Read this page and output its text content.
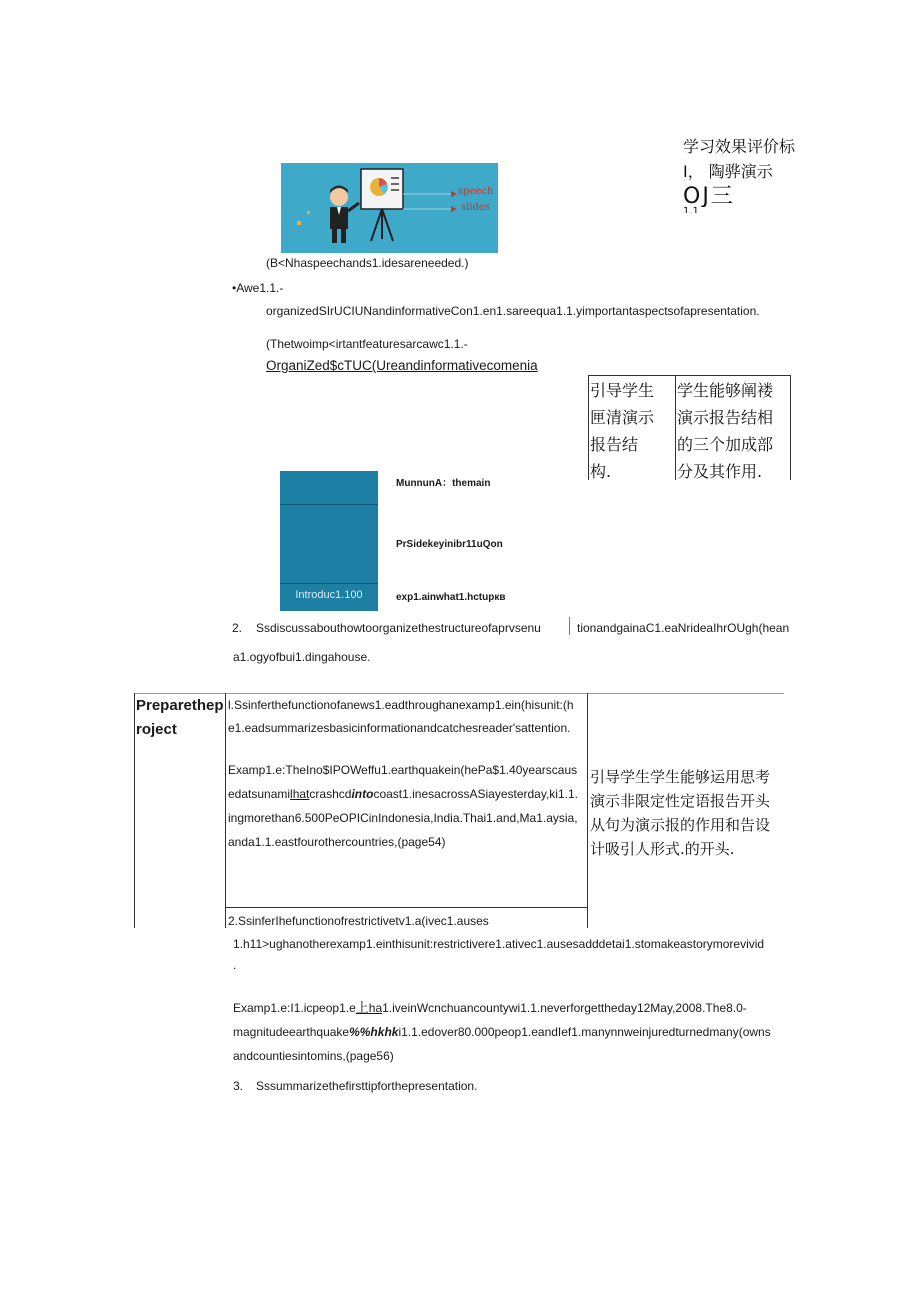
学习效果评价标
I， 陶骅演示
OJ三
1.1
speech
slides
(B<Nhaspeechands1.idesareneeded.)
•Awe1.1.-
organizedSIrUCIUNandinformativeCon1.en1.sareequa1.1.yimportantaspectsofapresentation.
(Thetwoimp<irtantfeaturesarcawc1.1.-
OrganiZed$cTUC(Ureandinformativecomenia
引导学生
匣清演示
报告结
构.
学生能够阐褛
演示报告结相
的三个加成部
分及其作用.
Introduc1.100
MunnunA：themain
PrSidekeyinibr11uQon
exp1.ainwhat1.hctupкв
2. Ssdiscussabouthowtoorganizethestructureofaprvsenu	tionandgainaC1.eaNrideaIhrOUgh(hean
a1.ogyofbui1.dingahouse.
Preparethep roject
l.Ssinferthefunctionofanews1.eadthroughanexamp1.ein(hisunit:(h
e1.eadsummarizesbasicinformationandcatchesreader'sattention.
Examp1.e:TheIno$IPOWeffu1.earthquakein(hePa$1.40yearscaus
edatsunamilhatcrashcdintocoast1.inesacrossASiayesterday,ki1.1.
ingmorethan6.500PeOPICinIndonesia,India.Thai1.and,Ma1.aysia,
anda1.1.eastfourothercountries,(page54)
引导学生学生能够运用思考
演示非限定性定语报告开头
从句为演示报的作用和告设
计吸引人形式.的开头.
2.SsinferIhefunctionofrestrictivetv1.a(ivec1.auses
1.h11>ughanotherexamp1.einthisunit:restrictivere1.ativec1.ausesadddetai1.stomakeastorymorevivid
.
Examp1.e:I1.icpeop1.e上ha1.iveinWcnchuancountywi1.1.neverforgettheday12May,2008.The8.0-
magnitudeearthquake%%hkhki1.1.edover80.000peop1.eandIef1.manynnweinjuredturnedmany(owns
andcountiesintomins,(page56)
3. Sssummarizethefirsttipforthepresentation.
